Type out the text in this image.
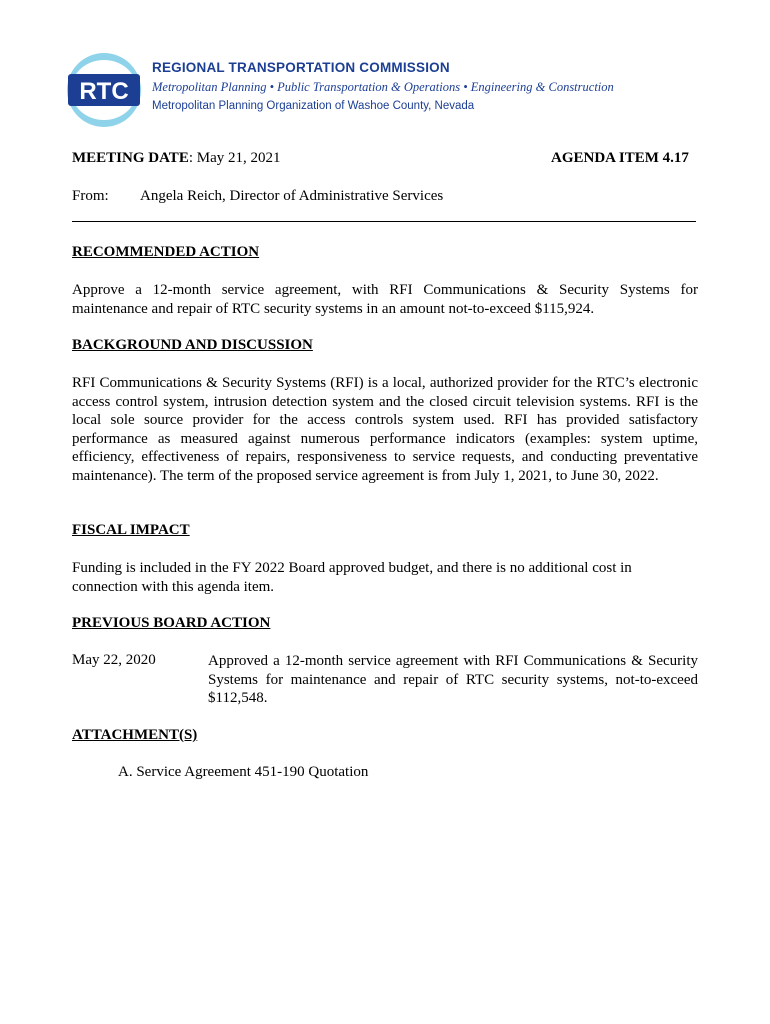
RTC
REGIONAL TRANSPORTATION COMMISSION
Metropolitan Planning • Public Transportation & Operations • Engineering & Construction
Metropolitan Planning Organization of Washoe County, Nevada
MEETING DATE: May 21, 2021	AGENDA ITEM 4.17
From: Angela Reich, Director of Administrative Services
RECOMMENDED ACTION
Approve a 12-month service agreement, with RFI Communications & Security Systems for maintenance and repair of RTC security systems in an amount not-to-exceed $115,924.
BACKGROUND AND DISCUSSION
RFI Communications & Security Systems (RFI) is a local, authorized provider for the RTC’s electronic access control system, intrusion detection system and the closed circuit television systems. RFI is the local sole source provider for the access controls system used. RFI has provided satisfactory performance as measured against numerous performance indicators (examples: system uptime, efficiency, effectiveness of repairs, responsiveness to service requests, and conducting preventative maintenance). The term of the proposed service agreement is from July 1, 2021, to June 30, 2022.
FISCAL IMPACT
Funding is included in the FY 2022 Board approved budget, and there is no additional cost in connection with this agenda item.
PREVIOUS BOARD ACTION
May 22, 2020	Approved a 12-month service agreement with RFI Communications & Security Systems for maintenance and repair of RTC security systems, not-to-exceed $112,548.
ATTACHMENT(S)
A. Service Agreement 451-190 Quotation
